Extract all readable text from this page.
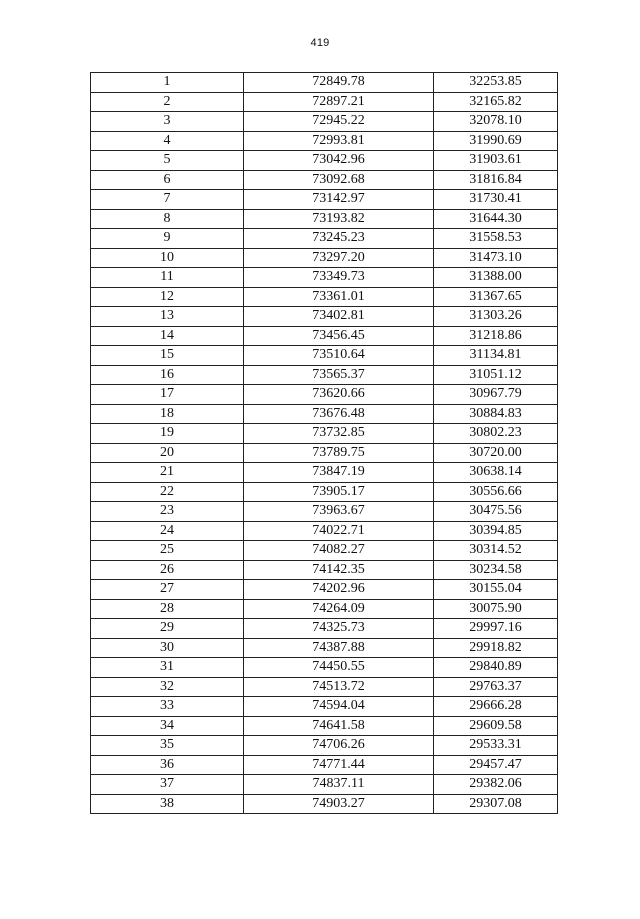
419
1	72849.78	32253.85
2	72897.21	32165.82
3	72945.22	32078.10
4	72993.81	31990.69
5	73042.96	31903.61
6	73092.68	31816.84
7	73142.97	31730.41
8	73193.82	31644.30
9	73245.23	31558.53
10	73297.20	31473.10
11	73349.73	31388.00
12	73361.01	31367.65
13	73402.81	31303.26
14	73456.45	31218.86
15	73510.64	31134.81
16	73565.37	31051.12
17	73620.66	30967.79
18	73676.48	30884.83
19	73732.85	30802.23
20	73789.75	30720.00
21	73847.19	30638.14
22	73905.17	30556.66
23	73963.67	30475.56
24	74022.71	30394.85
25	74082.27	30314.52
26	74142.35	30234.58
27	74202.96	30155.04
28	74264.09	30075.90
29	74325.73	29997.16
30	74387.88	29918.82
31	74450.55	29840.89
32	74513.72	29763.37
33	74594.04	29666.28
34	74641.58	29609.58
35	74706.26	29533.31
36	74771.44	29457.47
37	74837.11	29382.06
38	74903.27	29307.08
